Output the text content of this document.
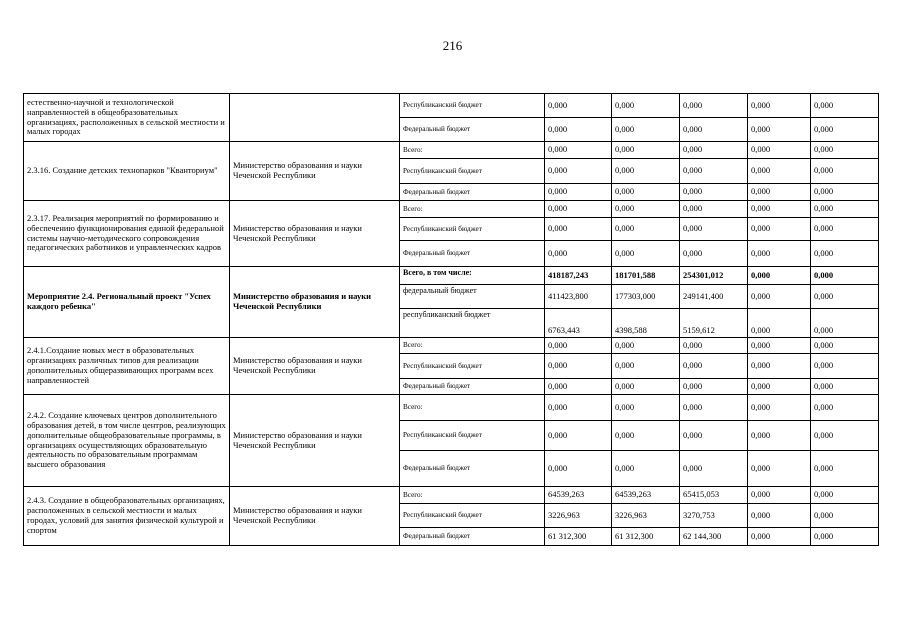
216
естественно-научной и технологической направленностей в общеобразовательных организациях, расположенных в сельской местности и малых городах		Республиканский бюджет	0,000	0,000	0,000	0,000	0,000
		Федеральный бюджет	0,000	0,000	0,000	0,000	0,000

2.3.16. Создание детских технопарков "Кванториум"	Министерство образования и науки Чеченской Республики	Всего:	0,000	0,000	0,000	0,000	0,000
		Республиканский бюджет	0,000	0,000	0,000	0,000	0,000
		Федеральный бюджет	0,000	0,000	0,000	0,000	0,000

2.3.17. Реализация мероприятий по формированию и обеспечению функционирования единой федеральной системы научно-методического сопровождения педагогических работников и управленческих кадров	Министерство образования и науки Чеченской Республики	Всего:	0,000	0,000	0,000	0,000	0,000
		Республиканский бюджет	0,000	0,000	0,000	0,000	0,000
		Федеральный бюджет	0,000	0,000	0,000	0,000	0,000

Мероприятие 2.4. Региональный проект "Успех каждого ребенка"	Министерство образования и науки Чеченской Республики	Всего, в том числе:	418187,243	181701,588	254301,012	0,000	0,000
		федеральный бюджет	411423,800	177303,000	249141,400	0,000	0,000
		республиканский бюджет	6763,443	4398,588	5159,612	0,000	0,000

2.4.1.Создание новых мест в образовательных организациях различных типов для реализации дополнительных общеразвивающих программ всех направленностей	Министерство образования и науки Чеченской Республики	Всего:	0,000	0,000	0,000	0,000	0,000
		Республиканский бюджет	0,000	0,000	0,000	0,000	0,000
		Федеральный бюджет	0,000	0,000	0,000	0,000	0,000

2.4.2. Создание ключевых центров дополнительного образования детей, в том числе центров, реализующих дополнительные общеобразовательные программы, в организациях осуществляющих образовательную деятельность по образовательным программам высшего образования	Министерство образования и науки Чеченской Республики	Всего:	0,000	0,000	0,000	0,000	0,000
		Республиканский бюджет	0,000	0,000	0,000	0,000	0,000
		Федеральный бюджет	0,000	0,000	0,000	0,000	0,000

2.4.3. Создание в общеобразовательных организациях, расположенных в сельской местности и малых городах, условий для занятия физической культурой и спортом	Министерство образования и науки Чеченской Республики	Всего:	64539,263	64539,263	65415,053	0,000	0,000
		Республиканский бюджет	3226,963	3226,963	3270,753	0,000	0,000
		Федеральный бюджет	61 312,300	61 312,300	62 144,300	0,000	0,000
